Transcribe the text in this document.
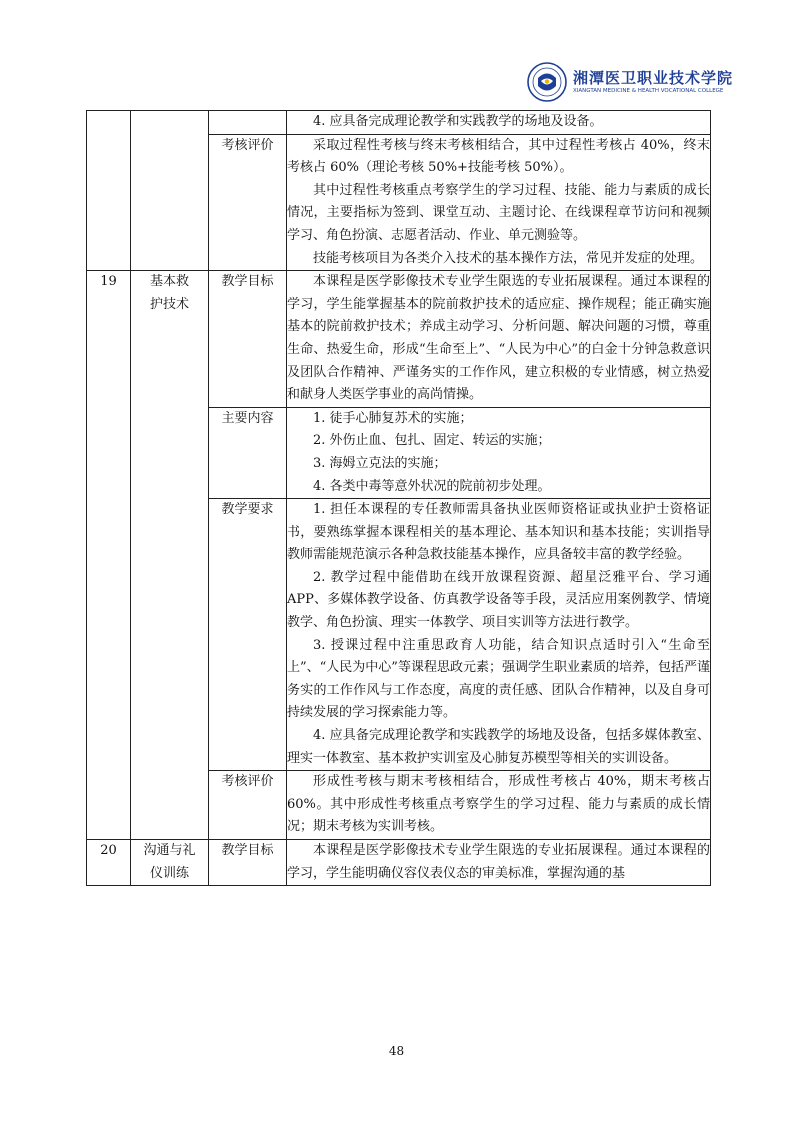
湘潭医卫职业技术学院
XIANGTAN MEDICINE & HEALTH VOCATIONAL COLLEGE

			4. 应具备完成理论教学和实践教学的场地及设备。

		考核评价	采取过程性考核与终末考核相结合，其中过程性考核占 40%，终末考核占 60%（理论考核 50%+技能考核 50%）。

其中过程性考核重点考察学生的学习过程、技能、能力与素质的成长情况，主要指标为签到、课堂互动、主题讨论、在线课程章节访问和视频学习、角色扮演、志愿者活动、作业、单元测验等。

技能考核项目为各类介入技术的基本操作方法，常见并发症的处理。

19	基本救护技术	教学目标	本课程是医学影像技术专业学生限选的专业拓展课程。通过本课程的学习，学生能掌握基本的院前救护技术的适应症、操作规程；能正确实施基本的院前救护技术；养成主动学习、分析问题、解决问题的习惯，尊重生命、热爱生命，形成“生命至上”、“人民为中心”的白金十分钟急救意识及团队合作精神、严谨务实的工作作风，建立积极的专业情感，树立热爱和献身人类医学事业的高尚情操。

		主要内容	1. 徒手心肺复苏术的实施；

2. 外伤止血、包扎、固定、转运的实施；

3. 海姆立克法的实施；

4. 各类中毒等意外状况的院前初步处理。

		教学要求	1. 担任本课程的专任教师需具备执业医师资格证或执业护士资格证书，要熟练掌握本课程相关的基本理论、基本知识和基本技能；实训指导教师需能规范演示各种急救技能基本操作，应具备较丰富的教学经验。

2. 教学过程中能借助在线开放课程资源、超星泛雅平台、学习通 APP、多媒体教学设备、仿真教学设备等手段，灵活应用案例教学、情境教学、角色扮演、理实一体教学、项目实训等方法进行教学。

3. 授课过程中注重思政育人功能，结合知识点适时引入“生命至上”、“人民为中心”等课程思政元素；强调学生职业素质的培养，包括严谨务实的工作作风与工作态度，高度的责任感、团队合作精神，以及自身可持续发展的学习探索能力等。

4. 应具备完成理论教学和实践教学的场地及设备，包括多媒体教室、理实一体教室、基本救护实训室及心肺复苏模型等相关的实训设备。

		考核评价	形成性考核与期末考核相结合，形成性考核占 40%，期末考核占 60%。其中形成性考核重点考察学生的学习过程、能力与素质的成长情况；期末考核为实训考核。

20	沟通与礼仪训练	教学目标	本课程是医学影像技术专业学生限选的专业拓展课程。通过本课程的学习，学生能明确仪容仪表仪态的审美标准，掌握沟通的基

48
